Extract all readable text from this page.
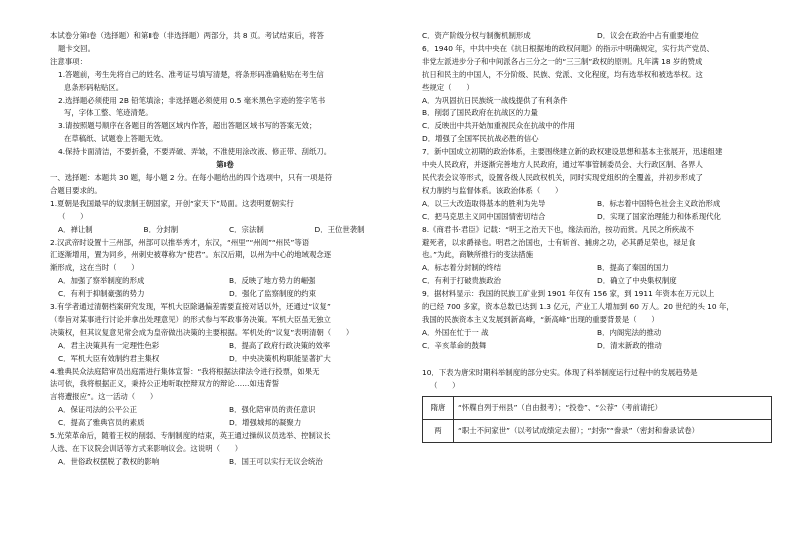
本试卷分第Ⅰ卷（选择题）和第Ⅱ卷（非选择题）两部分，共 8 页。考试结束后，将答
题卡交回。
注意事项：
1.答题前，考生先将自己的姓名、准考证号填写清楚，将条形码准确粘贴在考生信
息条形码粘贴区。
2.选择题必须使用 2B 铅笔填涂；非选择题必须使用 0.5 毫米黑色字迹的签字笔书
写，字体工整、笔迹清楚。
3.请按照题号顺序在各题目的答题区域内作答，超出答题区域书写的答案无效；
在草稿纸、试题卷上答题无效。
4.保持卡面清洁，不要折叠，不要弄破、弄皱，不准使用涂改液、修正带、刮纸刀。
第Ⅰ卷
一、选择题：本题共 30 题，每小题 2 分。在每小题给出的四个选项中，只有一项是符
合题目要求的。
1.夏朝是我国最早的奴隶制王朝国家，开创“家天下”局面。这表明夏朝实行
（　　）
A．禅让制	B．分封制	C．宗法制	D．王位世袭制
2.汉武帝时设置十三州部，州部可以推举秀才，东汉，“州里”“州闾”“州民”等语
汇逐渐增用，置为同乡，州刺史被尊称为“使君”。东汉后期，以州为中心的地域观念逐
渐形成，这在当时（　　）
A．加强了察举制度的形成	B．反映了地方势力的崛强
C．有利于抑制豪强的势力	D．强化了监察制度的约束
3.有学者通过清朝档案研究发现，军机大臣除遇偏差需要直接对话以外，还通过“议复”
（奉旨对某事进行讨论并拿出处理意见）的形式参与军政事务决策。军机大臣虽无独立
决策权，但其议复意见常会成为皇帝做出决策的主要根据。军机处的“议复”表明清朝（　　）
A．君主决策具有一定理性色彩	B．提高了政府行政决策的效率
C．军机大臣有效制约君主集权	D．中央决策机构职能显著扩大
4.雅典民众法庭陪审员出庭需进行集体宣誓：“我将根据法律法令进行投票，如果无
法可依，我将根据正义，秉持公正地听取控辩双方的辩论……如违背誓
言将遭报应”。这一活动（　　）
A．保证司法的公平公正	B．强化陪审员的责任意识
C．提高了雅典官员的素质	D．增强城邦的凝聚力
5.光荣革命后，随着王权的削弱、专制制度的结束，英王通过操纵议员选举、控制议长
人选、在下议院会训话等方式来影响议会。这说明（　　）
A．世俗政权摆脱了教权的影响	B．国王可以实行无议会统治
C．资产阶级分权与制衡机制形成	D．议会在政治中占有重要地位
6．1940 年，中共中央在《抗日根据地的政权问题》的指示中明确规定，实行共产党员、
非党左派进步分子和中间派各占三分之一的“三三制”政权的原则。凡年满 18 岁的赞成
抗日和民主的中国人，不分阶级、民族、党派、文化程度，均有选举权和被选举权。这
些规定（　　）
A．为巩固抗日民族统一战线提供了有利条件
B．削弱了国民政府在抗战区的力量
C．反映出中共开始加重视民众在抗战中的作用
D．增强了全国军民抗战必胜的信心
7．新中国成立初期的政治体系，主要围绕建立新的政权建设思想和基本主张展开，迅速组建
中央人民政府，并逐渐完善地方人民政府，通过军事管制委员会、大行政区制、各界人
民代表会议等形式，设置各级人民政权机关，同时实现党组织的全覆盖，并初步形成了
权力制约与监督体系。该政治体系（　　）
A．以三大改造取得基本的胜利为先导	B．标志着中国特色社会主义政治形成
C．把马克思主义同中国国情密切结合	D．实现了国家治理能力和体系现代化
8.《商君书·君臣》记载：“明王之治天下也，缘法而治，按功而赏。凡民之所疾战不
避死者，以求爵禄也。明君之治国也，士有斩首、捕虏之功，必其爵足荣也，禄足食
也。”为此，商鞅所推行的变法措施
A．标志着分封制的终结	B．提高了秦国的国力
C．有利于打破贵族政治	D．确立了中央集权制度
9．据材料显示：我国的民族工矿业到 1901 年仅有 156 家，到 1911 年资本在万元以上
的已经 700 多家，资本总数已达到 1.3 亿元，产业工人增加到 60 万人。20 世纪的头 10 年，
我国的民族资本主义发展到新高峰，“新高峰”出现的重要背景是（　　）
A．外国在忙于一 战	B．内阁宪法的推动
C．辛亥革命的鼓舞	D．清末新政的推动
10．下表为唐宋时期科举制度的部分史实。体现了科举制度运行过程中的发展趋势是
（　　）
隋唐	“怀牒自列于州县”（自由报考）；“投卷”、“公荐”（考前请托）
两	“职士不问家世”（以考试成绩定去留）；“封弥”“誊录”（密封和誊录试卷）
